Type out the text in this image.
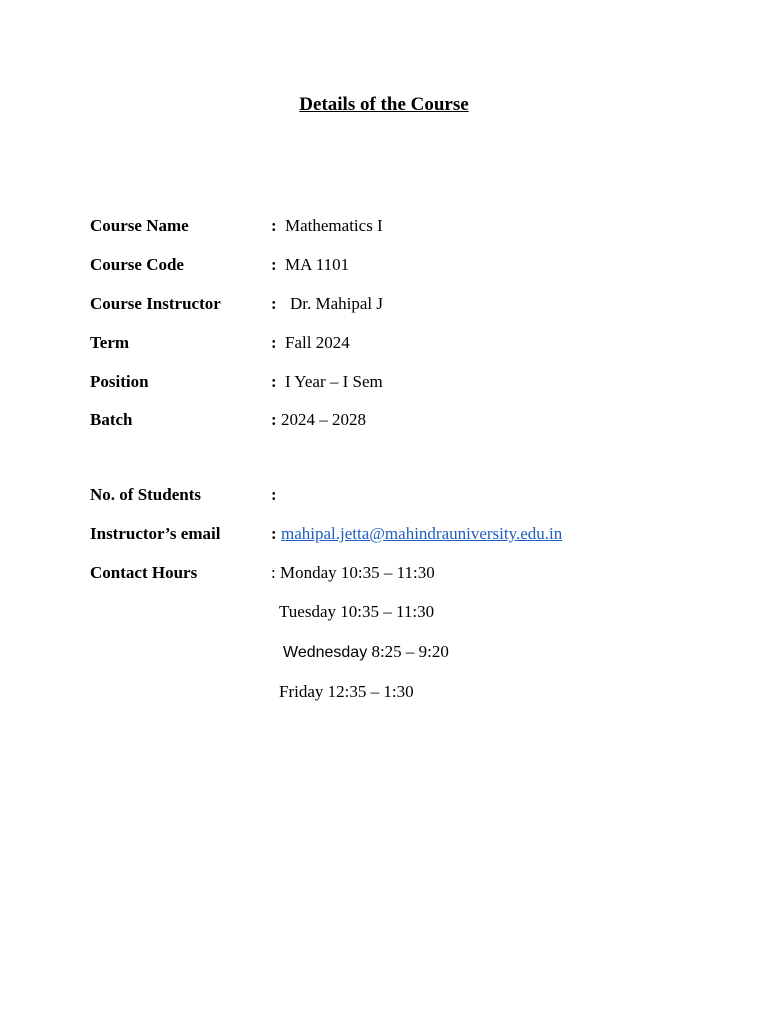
Details of the Course
Course Name	: Mathematics I
Course Code	: MA 1101
Course Instructor	: Dr. Mahipal J
Term	: Fall 2024
Position	: I Year – I Sem
Batch	: 2024 – 2028
No. of Students	:
Instructor’s email	: mahipal.jetta@mahindrauniversity.edu.in
Contact Hours	: Monday 10:35 – 11:30
Tuesday 10:35 – 11:30
Wednesday 8:25 – 9:20
Friday 12:35 – 1:30
